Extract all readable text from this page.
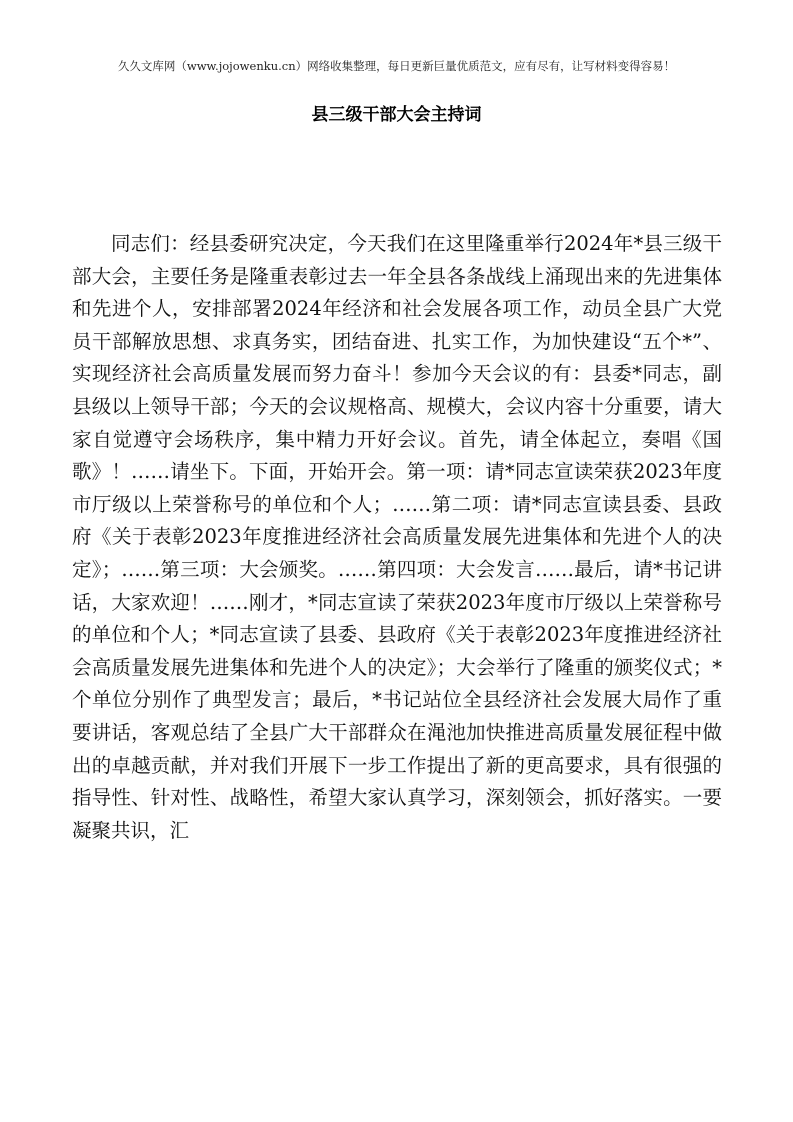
久久文库网（www.jojowenku.cn）网络收集整理，每日更新巨量优质范文，应有尽有，让写材料变得容易！
县三级干部大会主持词

同志们：经县委研究决定，今天我们在这里隆重举行2024年*县三级干部大会，主要任务是隆重表彰过去一年全县各条战线上涌现出来的先进集体和先进个人，安排部署2024年经济和社会发展各项工作，动员全县广大党员干部解放思想、求真务实，团结奋进、扎实工作，为加快建设“五个*”、实现经济社会高质量发展而努力奋斗！参加今天会议的有：县委*同志，副县级以上领导干部；今天的会议规格高、规模大，会议内容十分重要，请大家自觉遵守会场秩序，集中精力开好会议。首先，请全体起立，奏唱《国歌》！……请坐下。下面，开始开会。第一项：请*同志宣读荣获2023年度市厅级以上荣誉称号的单位和个人；……第二项：请*同志宣读县委、县政府《关于表彰2023年度推进经济社会高质量发展先进集体和先进个人的决定》；……第三项：大会颁奖。……第四项：大会发言……最后，请*书记讲话，大家欢迎！……刚才，*同志宣读了荣获2023年度市厅级以上荣誉称号的单位和个人；*同志宣读了县委、县政府《关于表彰2023年度推进经济社会高质量发展先进集体和先进个人的决定》；大会举行了隆重的颁奖仪式；*个单位分别作了典型发言；最后，*书记站位全县经济社会发展大局作了重要讲话，客观总结了全县广大干部群众在渑池加快推进高质量发展征程中做出的卓越贡献，并对我们开展下一步工作提出了新的更高要求，具有很强的指导性、针对性、战略性，希望大家认真学习，深刻领会，抓好落实。一要凝聚共识，汇
